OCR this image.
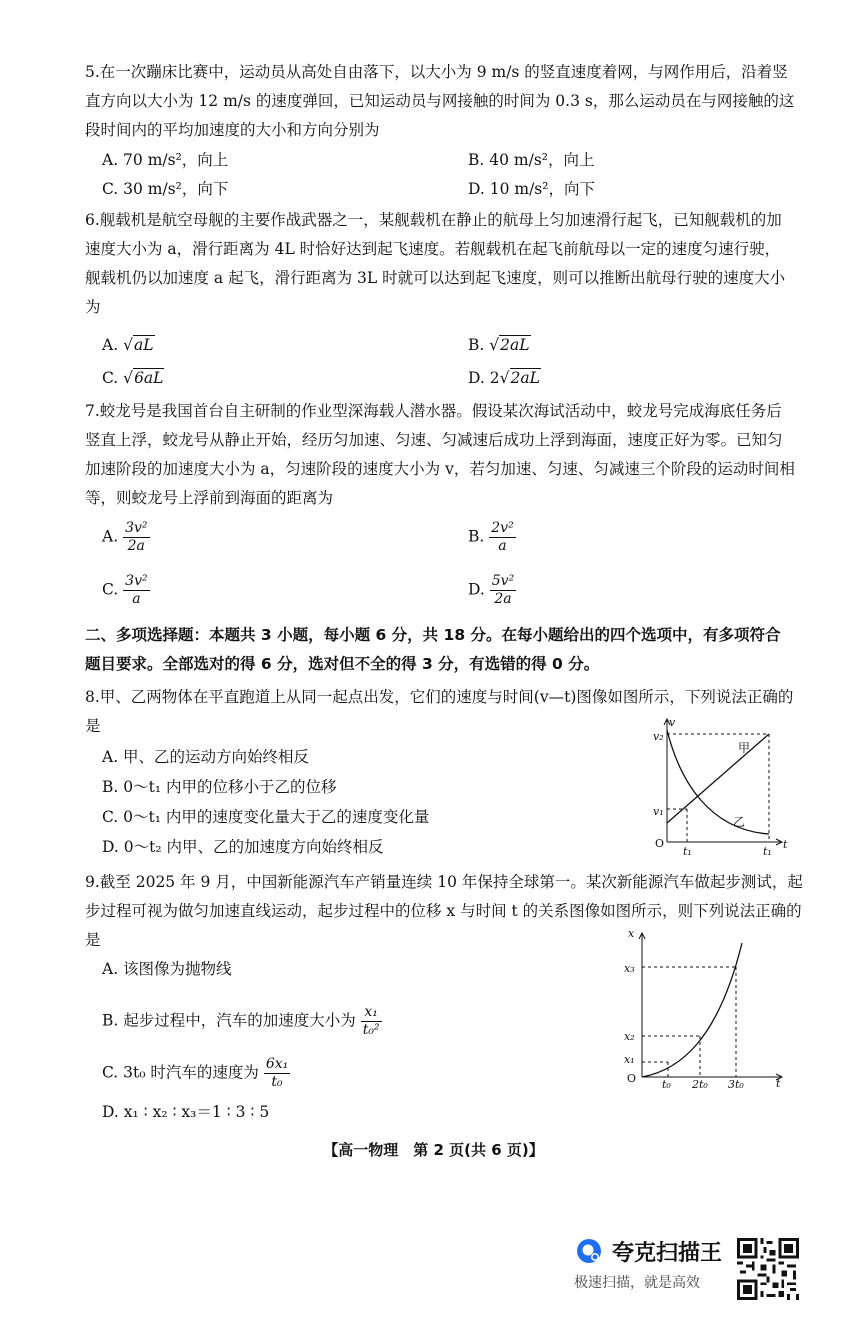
5.在一次蹦床比赛中，运动员从高处自由落下，以大小为 9 m/s 的竖直速度着网，与网作用后，沿着竖直方向以大小为 12 m/s 的速度弹回，已知运动员与网接触的时间为 0.3 s，那么运动员在与网接触的这段时间内的平均加速度的大小和方向分别为

A. 70 m/s²，向上	B. 40 m/s²，向上
C. 30 m/s²，向下	D. 10 m/s²，向下

6.舰载机是航空母舰的主要作战武器之一，某舰载机在静止的航母上匀加速滑行起飞，已知舰载机的加速度大小为 a，滑行距离为 4L 时恰好达到起飞速度。若舰载机在起飞前航母以一定的速度匀速行驶，舰载机仍以加速度 a 起飞，滑行距离为 3L 时就可以达到起飞速度，则可以推断出航母行驶的速度大小为

A. √aL	B. √2aL
C. √6aL	D. 2√2aL

7.蛟龙号是我国首台自主研制的作业型深海载人潜水器。假设某次海试活动中，蛟龙号完成海底任务后竖直上浮，蛟龙号从静止开始，经历匀加速、匀速、匀减速后成功上浮到海面，速度正好为零。已知匀加速阶段的加速度大小为 a，匀速阶段的速度大小为 v，若匀加速、匀速、匀减速三个阶段的运动时间相等，则蛟龙号上浮前到海面的距离为

A. $\frac{\text{3v²}}{2a}$	B. $\frac{\text{2v²}}{a}$
C. $\frac{\text{3v²}}{a}$	D. $\frac{\text{5v²}}{2a}$

二、多项选择题：本题共 3 小题，每小题 6 分，共 18 分。在每小题给出的四个选项中，有多项符合题目要求。全部选对的得 6 分，选对但不全的得 3 分，有选错的得 0 分。

8.甲、乙两物体在平直跑道上从同一起点出发，它们的速度与时间(v—t)图像如图所示，下列说法正确的是

A. 甲、乙的运动方向始终相反
B. 0～t₁ 内甲的位移小于乙的位移
C. 0～t₁ 内甲的速度变化量大于乙的速度变化量
D. 0～t₂ 内甲、乙的加速度方向始终相反
v
t
v₂
v₁
t₁	t₁
O
甲
乙

9.截至 2025 年 9 月，中国新能源汽车产销量连续 10 年保持全球第一。某次新能源汽车做起步测试，起步过程可视为做匀加速直线运动，起步过程中的位移 x 与时间 t 的关系图像如图所示，则下列说法正确的是

A. 该图像为抛物线
B. 起步过程中，汽车的加速度大小为 $\frac{\text{x₁}}{\text{t₀²}}$
C. 3t₀ 时汽车的速度为 $\frac{\text{6x₁}}{\text{t₀}}$
D. x₁ ∶ x₂ ∶ x₃＝1 ∶ 3 ∶ 5
x
t
x₃
x₂
x₁
t₀ 2t₀ 3t₀
O
【高一物理　第 2 页(共 6 页)】
夸克扫描王
极速扫描，就是高效
